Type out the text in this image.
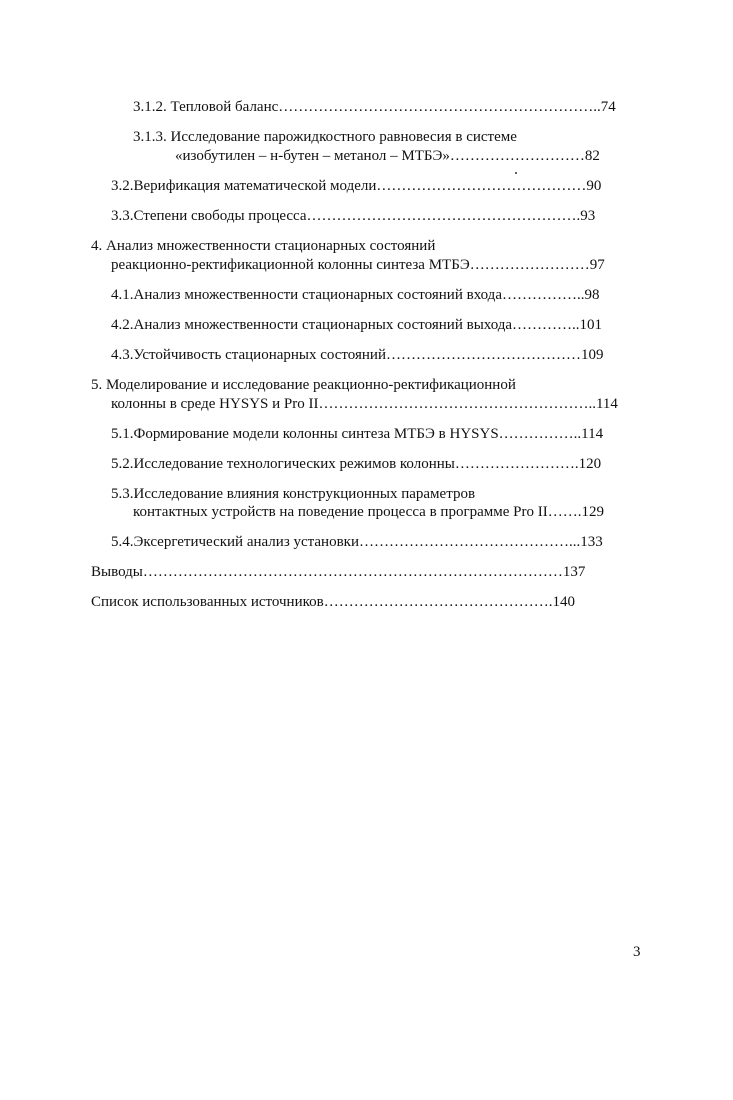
3.1.2. Тепловой баланс………………………………………………………..74
3.1.3. Исследование парожидкостного равновесия в системе
«изобутилен – н-бутен – метанол – МТБЭ»………………………82
3.2.Верификация математической модели……………………………………90
3.3.Степени свободы процесса……………………………………………….93
4. Анализ множественности стационарных состояний
реакционно-ректификационной колонны синтеза МТБЭ……………………97
4.1.Анализ множественности стационарных состояний входа……………..98
4.2.Анализ множественности стационарных состояний выхода…………..101
4.3.Устойчивость стационарных состояний…………………………………109
5. Моделирование и исследование реакционно-ректификационной
колонны в среде HYSYS и Pro II………………………………………………..114
5.1.Формирование модели колонны синтеза МТБЭ в HYSYS……………..114
5.2.Исследование технологических режимов колонны…………………….120
5.3.Исследование влияния конструкционных параметров
контактных устройств на поведение процесса в программе Pro II…….129
5.4.Эксергетический анализ установки……………………………………...133
Выводы…………………………………………………………………………137
Список использованных источников……………………………………….140
3
